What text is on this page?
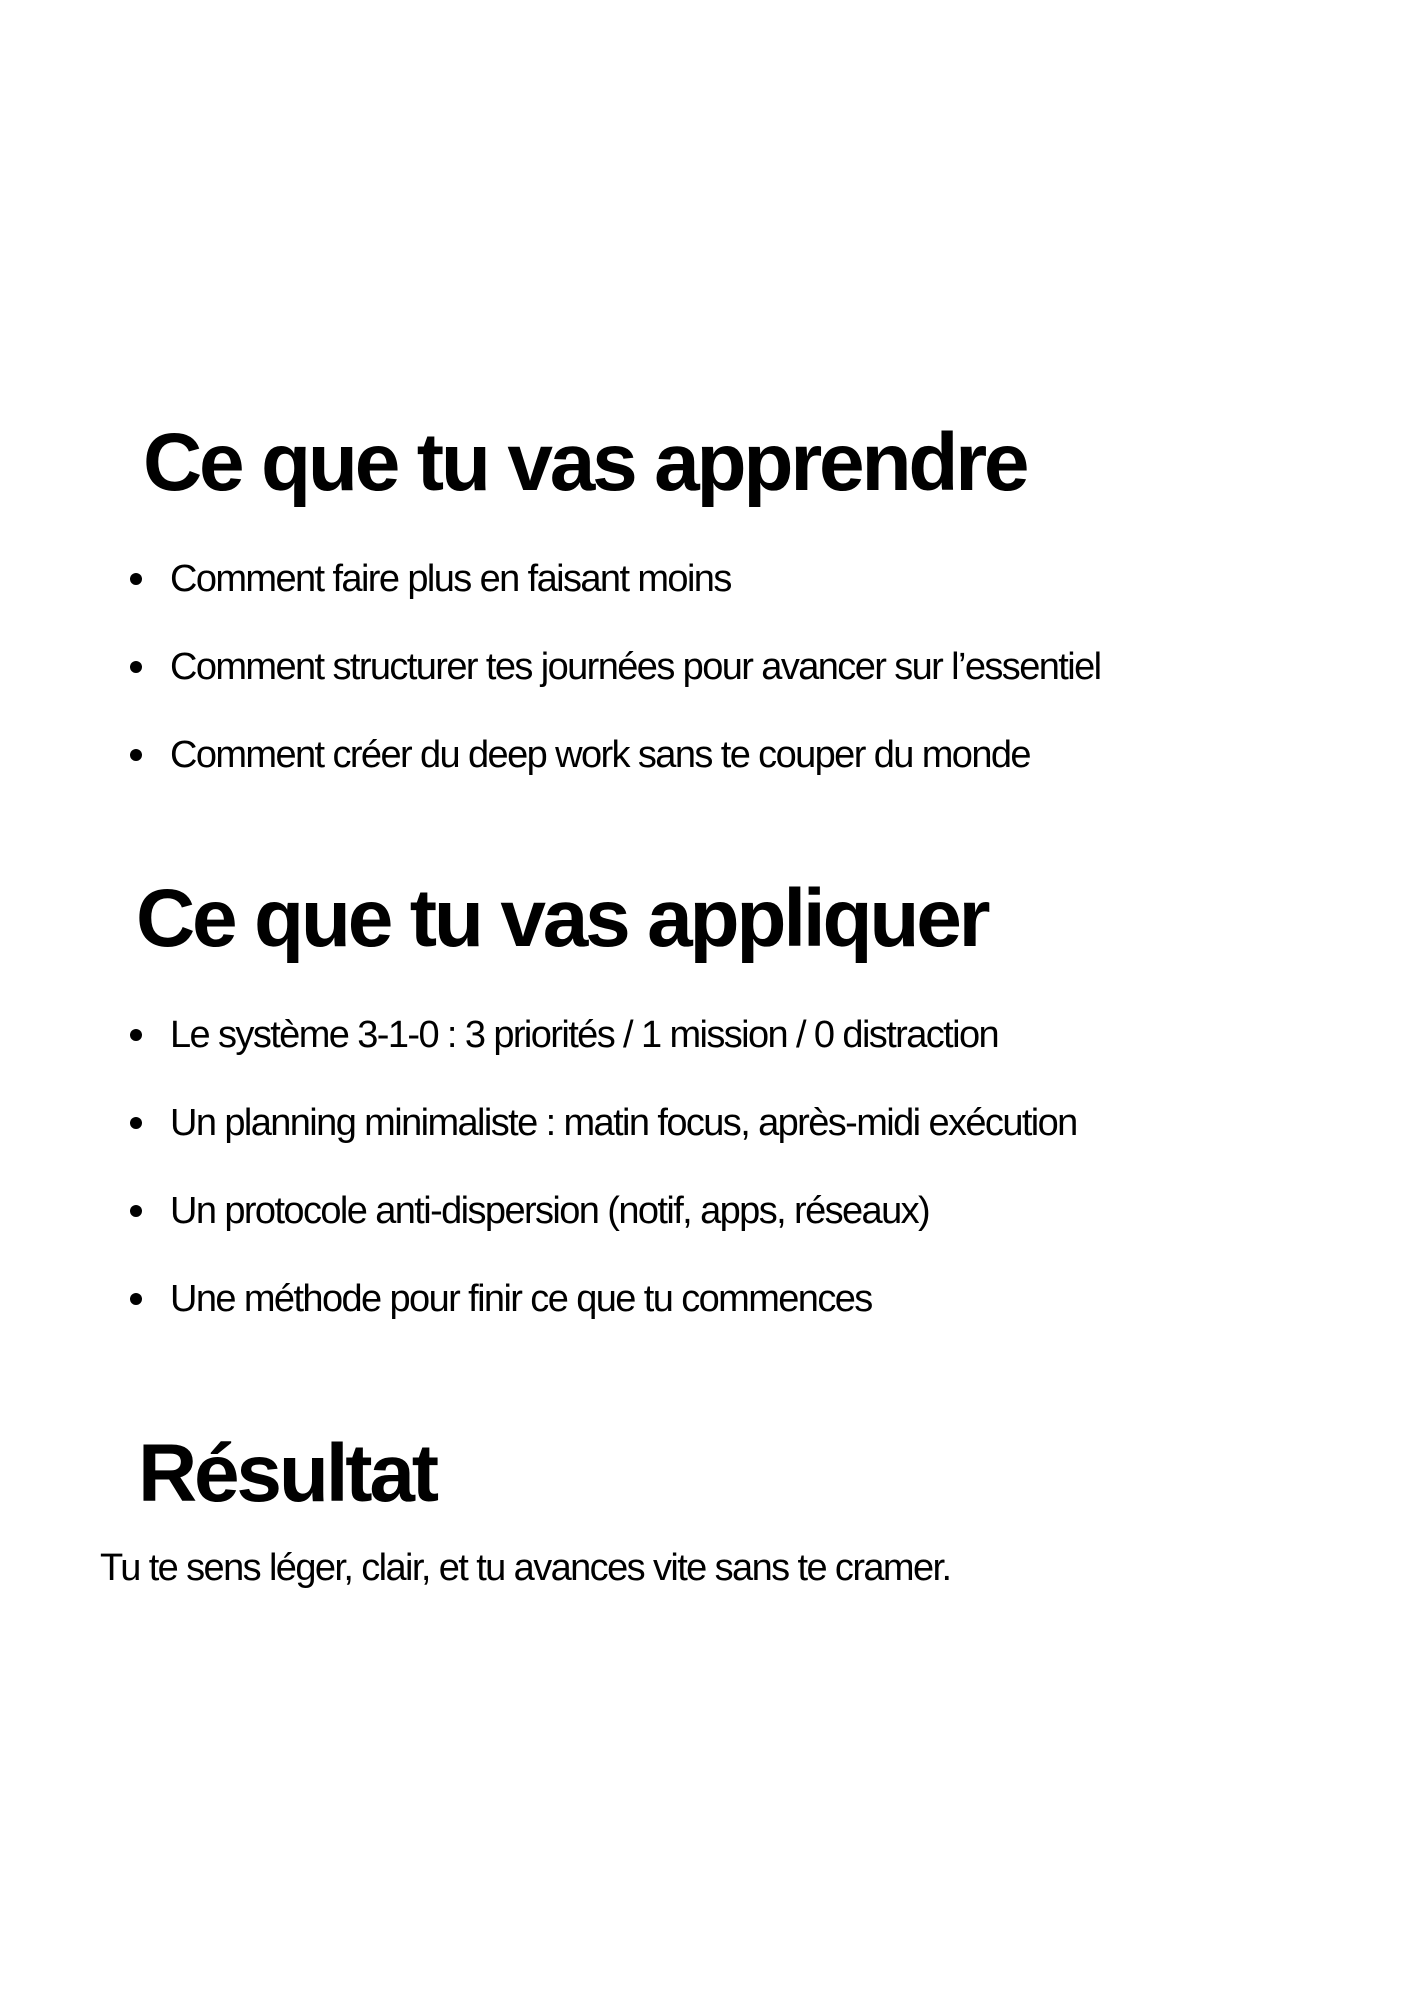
Ce que tu vas apprendre
Comment faire plus en faisant moins
Comment structurer tes journées pour avancer sur l’essentiel
Comment créer du deep work sans te couper du monde
Ce que tu vas appliquer
Le système 3-1-0 : 3 priorités / 1 mission / 0 distraction
Un planning minimaliste : matin focus, après-midi exécution
Un protocole anti-dispersion (notif, apps, réseaux)
Une méthode pour finir ce que tu commences
Résultat

Tu te sens léger, clair, et tu avances vite sans te cramer.
